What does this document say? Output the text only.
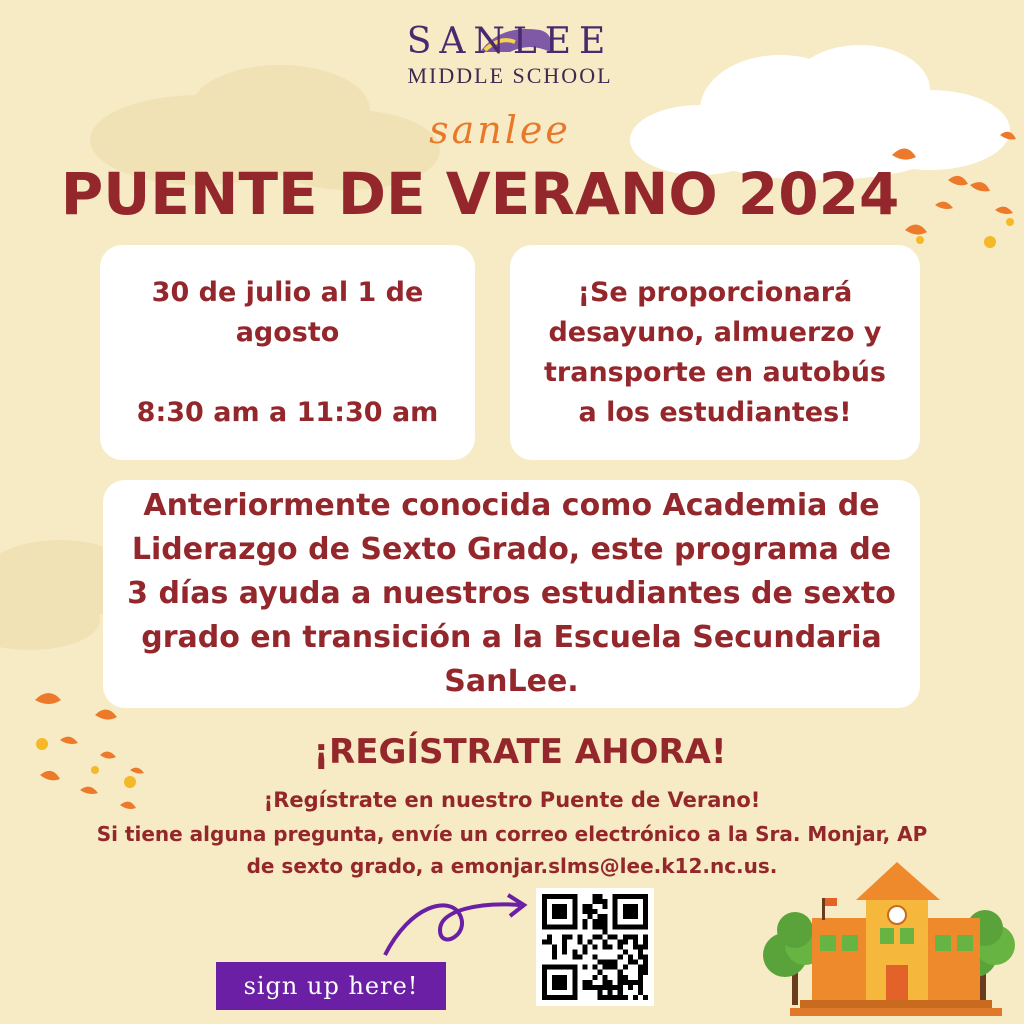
SANLEE
MIDDLE SCHOOL
sanlee
PUENTE DE VERANO 2024
30 de julio al 1 de
agosto
8:30 am a 11:30 am
¡Se proporcionará desayuno, almuerzo y transporte en autobús a los estudiantes!
Anteriormente conocida como Academia de Liderazgo de Sexto Grado, este programa de 3 días ayuda a nuestros estudiantes de sexto grado en transición a la Escuela Secundaria SanLee.
¡REGÍSTRATE AHORA!
¡Regístrate en nuestro Puente de Verano!
Si tiene alguna pregunta, envíe un correo electrónico a la Sra. Monjar, AP
de sexto grado, a emonjar.slms@lee.k12.nc.us.
sign up here!
